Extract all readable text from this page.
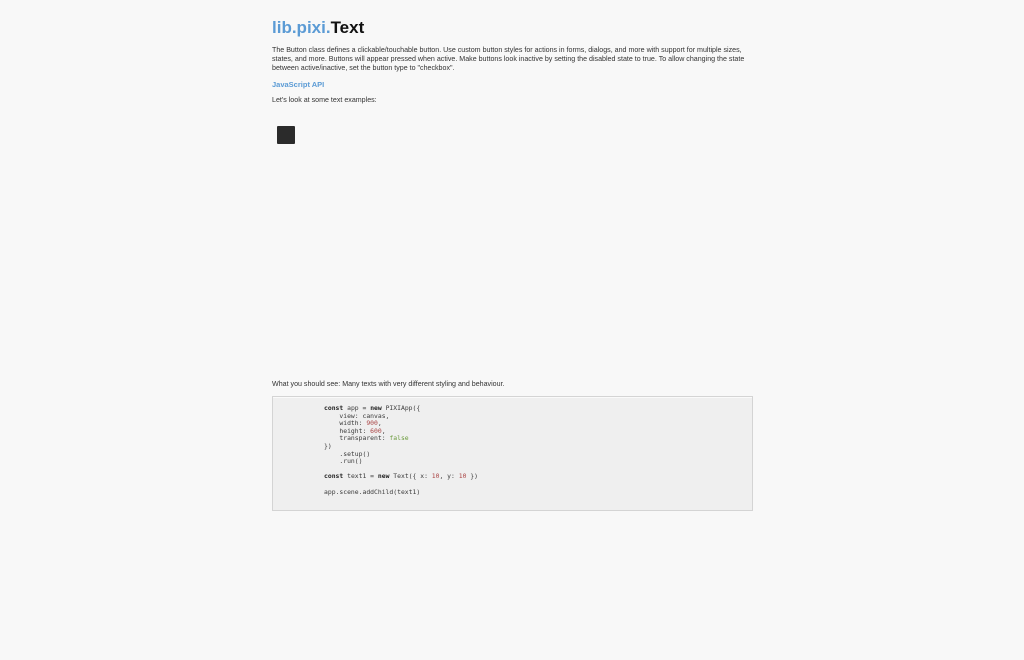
lib.pixi.Text

The Button class defines a clickable/touchable button. Use custom button styles for actions in forms, dialogs, and more with support for multiple sizes, states, and more. Buttons will appear pressed when active. Make buttons look inactive by setting the disabled state to true. To allow changing the state between active/inactive, set the button type to "checkbox".

JavaScript API

Let's look at some text examples:

What you should see: Many texts with very different styling and behaviour.

const app = new PIXIApp({
view: canvas,
width: 900,
height: 600,
transparent: false
})
.setup()
.run()

const text1 = new Text({ x: 10, y: 10 })

app.scene.addChild(text1)
